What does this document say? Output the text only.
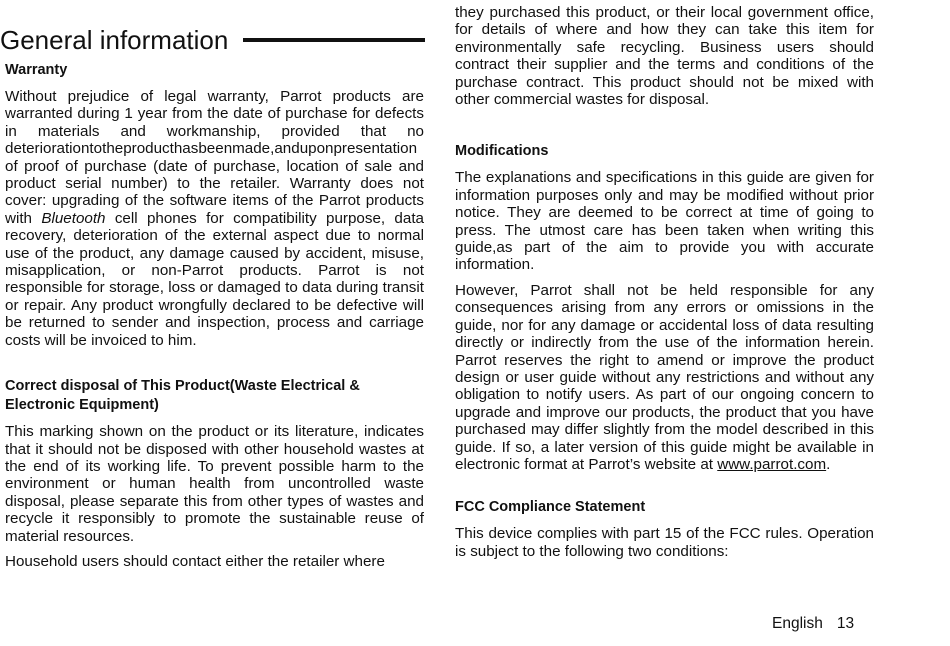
General information
Warranty

Without prejudice of legal warranty, Parrot products are warranted during 1 year from the date of purchase for defects in materials and workmanship, provided that no deteriorationtotheproducthasbeenmade,anduponpresentation of proof of purchase (date of purchase, location of sale and product serial number) to the retailer. Warranty does not cover: upgrading of the software items of the Parrot products with Bluetooth cell phones for compatibility purpose, data recovery, deterioration of the external aspect due to normal use of the product, any damage caused by accident, misuse, misapplication, or non-Parrot products. Parrot is not responsible for storage, loss or damaged to data during transit or repair. Any product wrongfully declared to be defective will be returned to sender and inspection, process and carriage costs will be invoiced to him.

Correct disposal of This Product(Waste Electrical & Electronic Equipment)

This marking shown on the product or its literature, indicates that it should not be disposed with other household wastes at the end of its working life. To prevent possible harm to the environment or human health from uncontrolled waste disposal, please separate this from other types of wastes and recycle it responsibly to promote the sustainable reuse of material resources.

Household users should contact either the retailer where

they purchased this product, or their local government office, for details of where and how they can take this item for environmentally safe recycling. Business users should contract their supplier and the terms and conditions of the purchase contract. This product should not be mixed with other commercial wastes for disposal.

Modifications

The explanations and specifications in this guide are given for information purposes only and may be modified without prior notice. They are deemed to be correct at time of going to press. The utmost care has been taken when writing this guide,as part of the aim to provide you with accurate information.

However, Parrot shall not be held responsible for any consequences arising from any errors or omissions in the guide, nor for any damage or accidental loss of data resulting directly or indirectly from the use of the information herein. Parrot reserves the right to amend or improve the product design or user guide without any restrictions and without any obligation to notify users. As part of our ongoing concern to upgrade and improve our products, the product that you have purchased may differ slightly from the model described in this guide. If so, a later version of this guide might be available in electronic format at Parrot’s website at www.parrot.com.

FCC Compliance Statement

This device complies with part 15 of the FCC rules. Operation is subject to the following two conditions:

English 13
